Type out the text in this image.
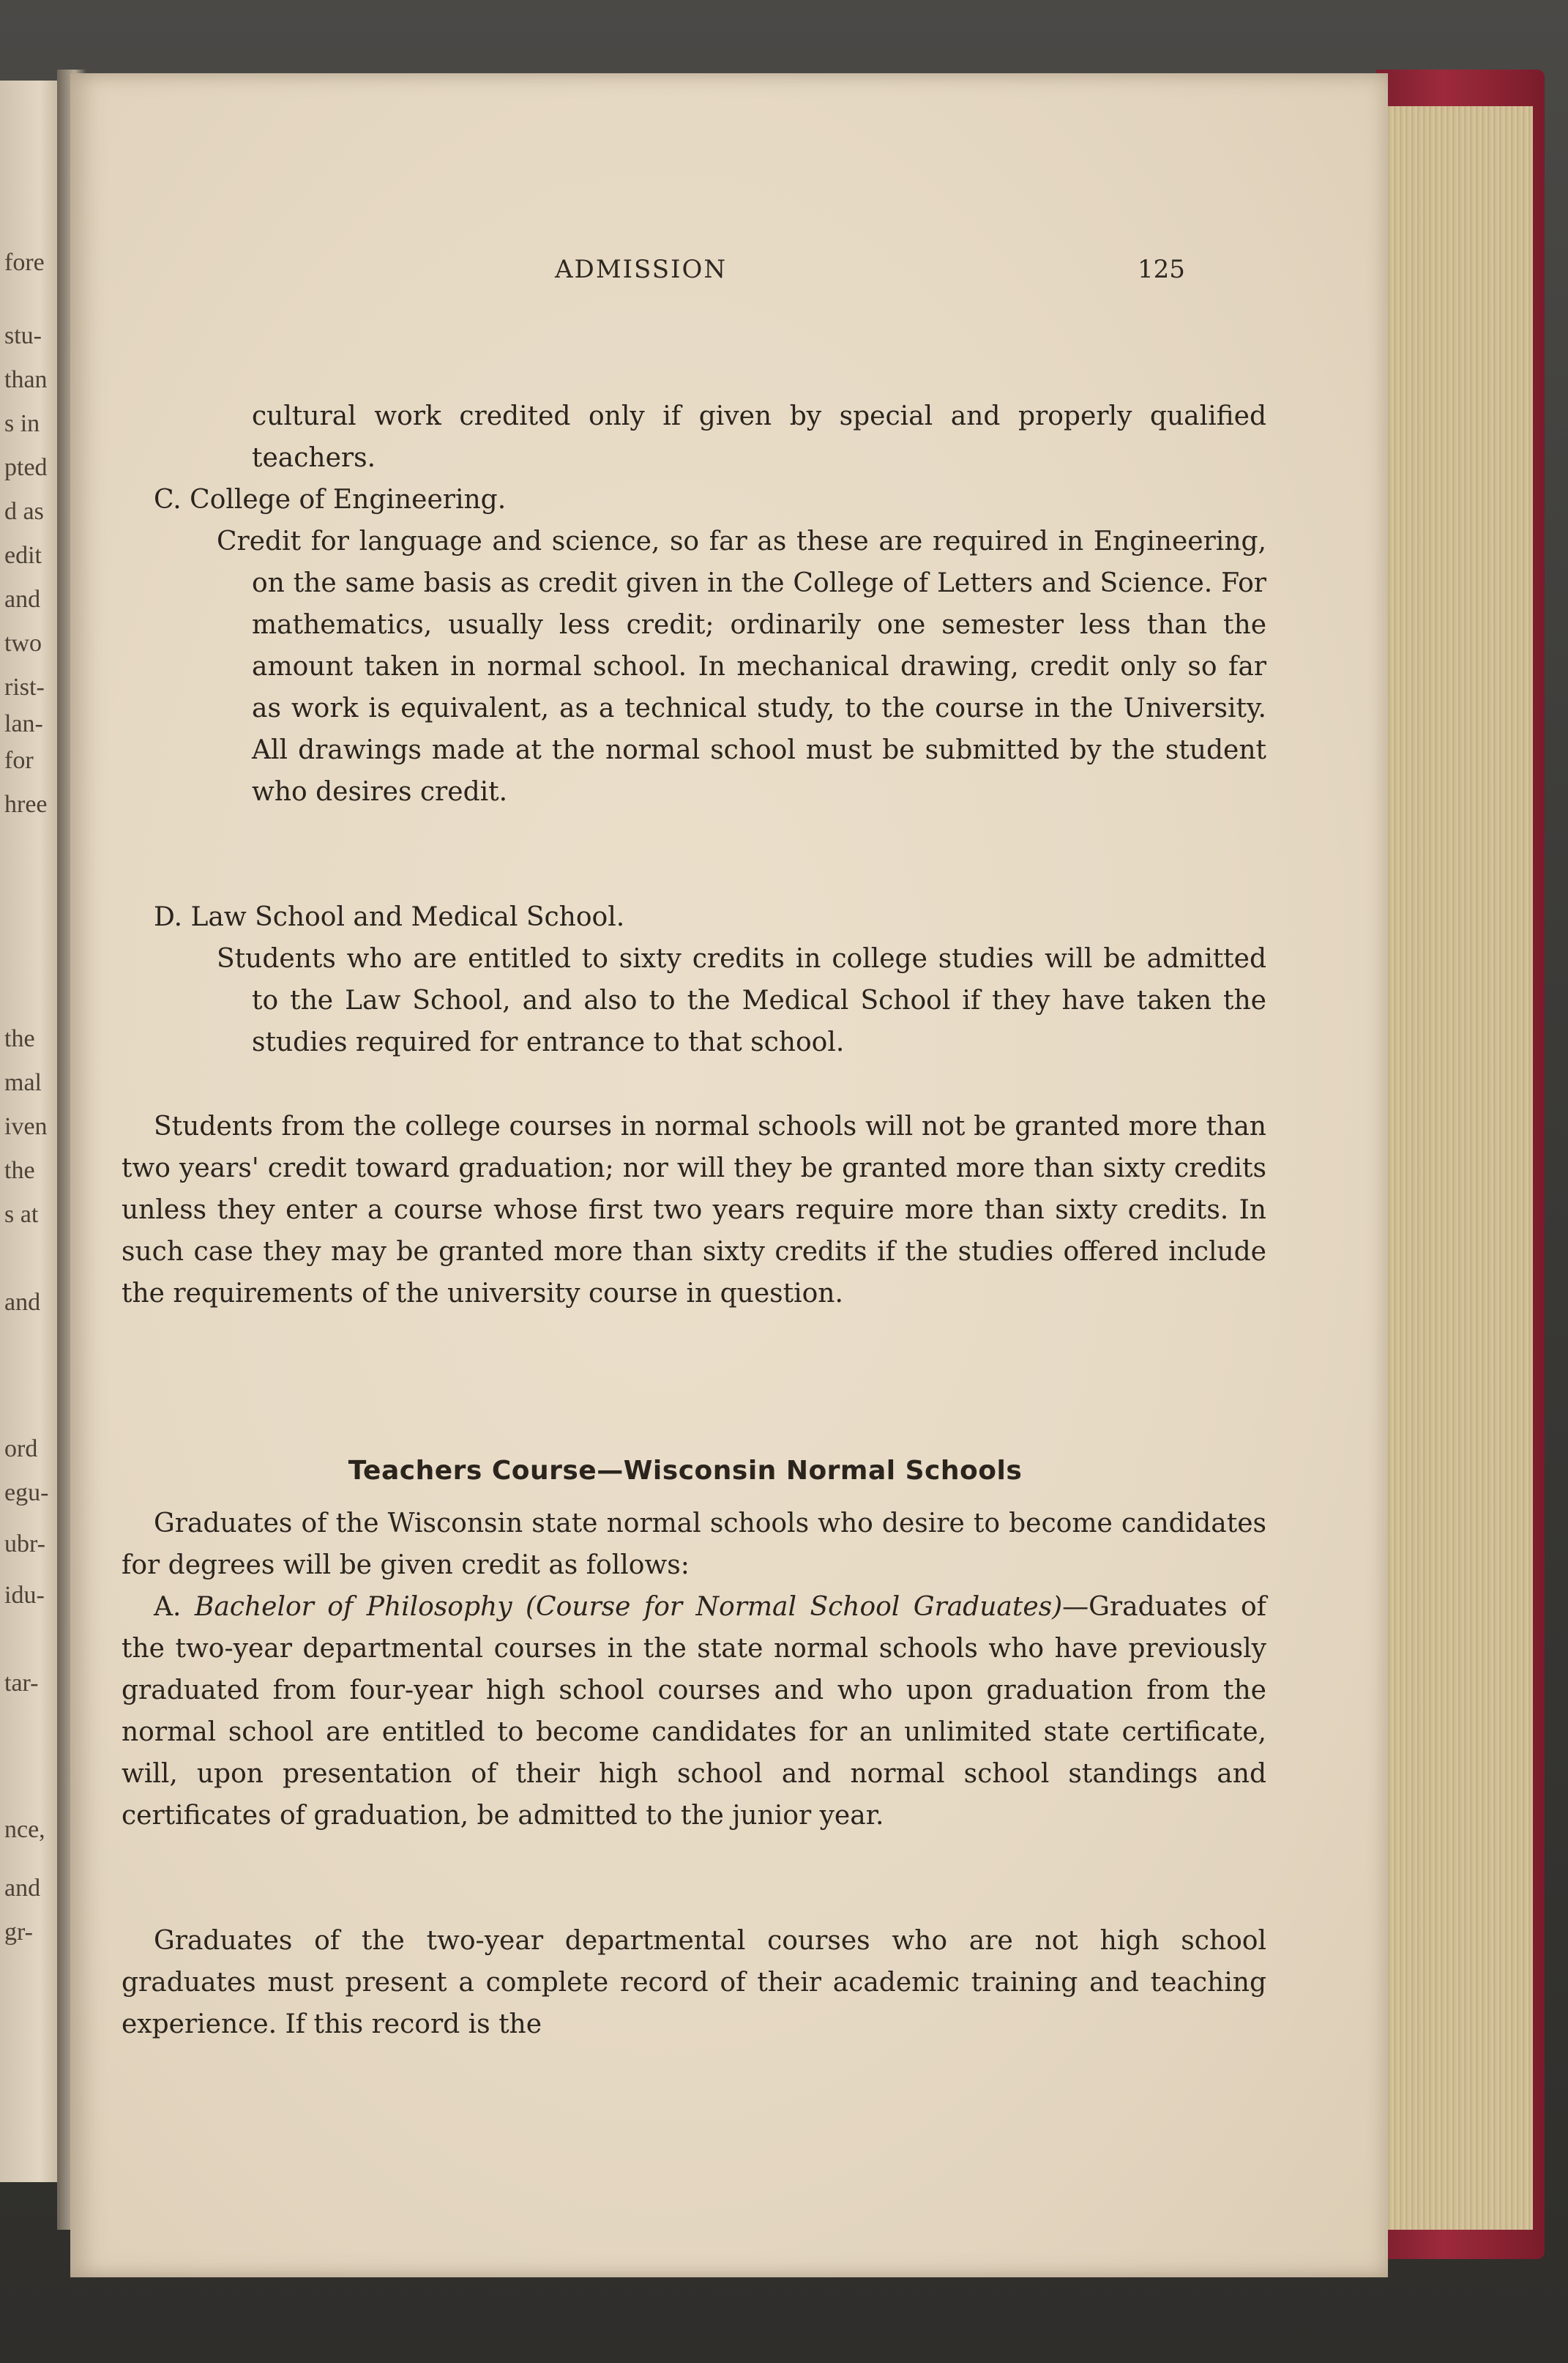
fore
stu-
than
s in
pted
d as
edit
and
two
rist-
lan-
for
hree
the
mal
iven
the
s at
and
ord
egu-
ubr-
idu-
tar-
nce,
and
gr-
ADMISSION	125

cultural work credited only if given by special and properly qualified teachers.

C. College of Engineering.

Credit for language and science, so far as these are required in Engineering, on the same basis as credit given in the College of Letters and Science. For mathematics, usually less credit; ordinarily one semester less than the amount taken in normal school. In mechanical drawing, credit only so far as work is equivalent, as a technical study, to the course in the University. All drawings made at the normal school must be submitted by the student who desires credit.

D. Law School and Medical School.

Students who are entitled to sixty credits in college studies will be admitted to the Law School, and also to the Medical School if they have taken the studies required for entrance to that school.

Students from the college courses in normal schools will not be granted more than two years' credit toward graduation; nor will they be granted more than sixty credits unless they enter a course whose first two years require more than sixty credits. In such case they may be granted more than sixty credits if the studies offered include the requirements of the university course in question.

Teachers Course—Wisconsin Normal Schools

Graduates of the Wisconsin state normal schools who desire to become candidates for degrees will be given credit as follows:

A. Bachelor of Philosophy (Course for Normal School Graduates)—Graduates of the two-year departmental courses in the state normal schools who have previously graduated from four-year high school courses and who upon graduation from the normal school are entitled to become candidates for an unlimited state certificate, will, upon presentation of their high school and normal school standings and certificates of graduation, be admitted to the junior year.

Graduates of the two-year departmental courses who are not high school graduates must present a complete record of their academic training and teaching experience. If this record is the
